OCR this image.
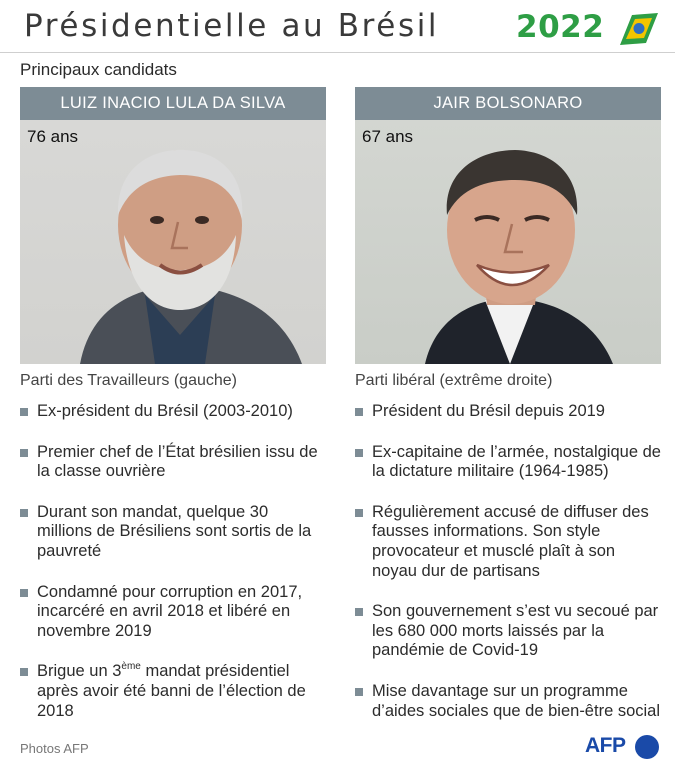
Présidentielle au Brésil 2022
Principaux candidats
LUIZ INACIO LULA DA SILVA
76 ans
Parti des Travailleurs (gauche)
Ex-président du Brésil (2003-2010)
Premier chef de l’État brésilien issu de la classe ouvrière
Durant son mandat, quelque 30 millions de Brésiliens sont sortis de la pauvreté
Condamné pour corruption en 2017, incarcéré en avril 2018 et libéré en novembre 2019
Brigue un 3ème mandat présidentiel après avoir été banni de l’élection de 2018
JAIR BOLSONARO
67 ans
Parti libéral (extrême droite)
Président du Brésil depuis 2019
Ex-capitaine de l’armée, nostalgique de la dictature militaire (1964-1985)
Régulièrement accusé de diffuser des fausses informations. Son style provocateur et musclé plaît à son noyau dur de partisans
Son gouvernement s’est vu secoué par les 680 000 morts laissés par la pandémie de Covid-19
Mise davantage sur un programme d’aides sociales que de bien-être social
Photos AFP	AFP
